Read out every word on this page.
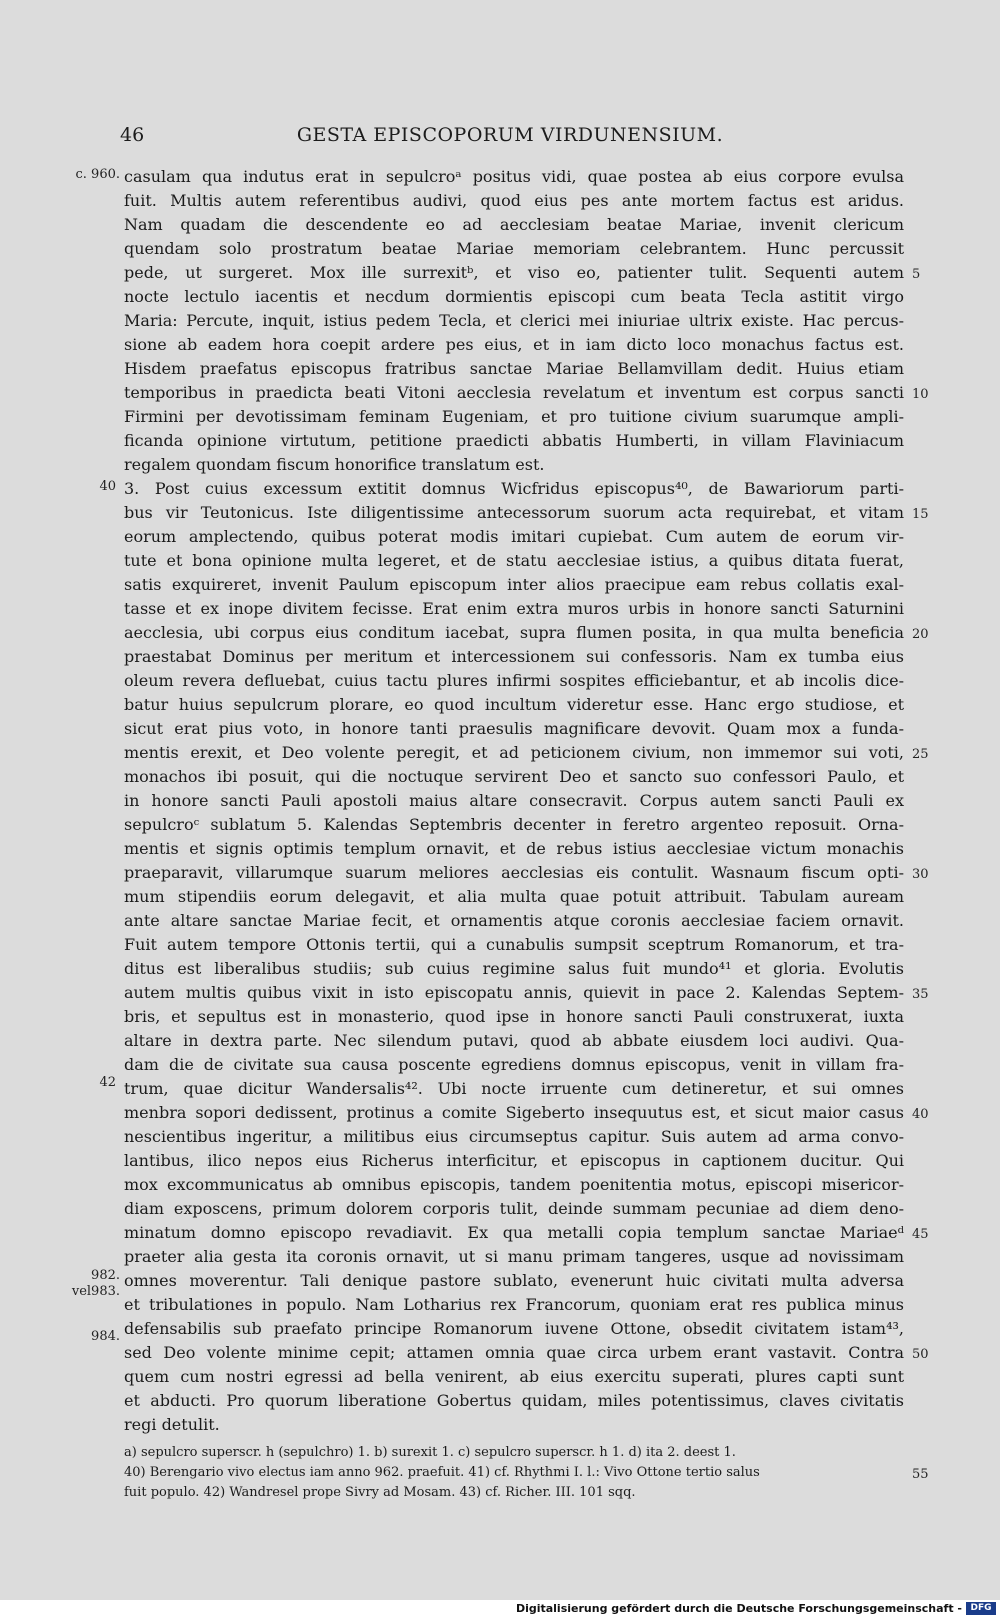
46	GESTA EPISCOPORUM VIRDUNENSIUM.
c. 960.
40
42
982.
vel983.
984.
5
10
15
20
25
30
35
40
45
50
55
casulam qua indutus erat in sepulcroᵃ positus vidi, quae postea ab eius corpore evulsa
fuit. Multis autem referentibus audivi, quod eius pes ante mortem factus est aridus.
Nam quadam die descendente eo ad aecclesiam beatae Mariae, invenit clericum
quendam solo prostratum beatae Mariae memoriam celebrantem. Hunc percussit
pede, ut surgeret. Mox ille surrexitᵇ, et viso eo, patienter tulit. Sequenti autem
nocte lectulo iacentis et necdum dormientis episcopi cum beata Tecla astitit virgo
Maria: Percute, inquit, istius pedem Tecla, et clerici mei iniuriae ultrix existe. Hac percus-
sione ab eadem hora coepit ardere pes eius, et in iam dicto loco monachus factus est.
Hisdem praefatus episcopus fratribus sanctae Mariae Bellamvillam dedit. Huius etiam
temporibus in praedicta beati Vitoni aecclesia revelatum et inventum est corpus sancti
Firmini per devotissimam feminam Eugeniam, et pro tuitione civium suarumque ampli-
ficanda opinione virtutum, petitione praedicti abbatis Humberti, in villam Flaviniacum
regalem quondam fiscum honorifice translatum est.
3. Post cuius excessum extitit domnus Wicfridus episcopus⁴⁰, de Bawariorum parti-
bus vir Teutonicus. Iste diligentissime antecessorum suorum acta requirebat, et vitam
eorum amplectendo, quibus poterat modis imitari cupiebat. Cum autem de eorum vir-
tute et bona opinione multa legeret, et de statu aecclesiae istius, a quibus ditata fuerat,
satis exquireret, invenit Paulum episcopum inter alios praecipue eam rebus collatis exal-
tasse et ex inope divitem fecisse. Erat enim extra muros urbis in honore sancti Saturnini
aecclesia, ubi corpus eius conditum iacebat, supra flumen posita, in qua multa beneficia
praestabat Dominus per meritum et intercessionem sui confessoris. Nam ex tumba eius
oleum revera defluebat, cuius tactu plures infirmi sospites efficiebantur, et ab incolis dice-
batur huius sepulcrum plorare, eo quod incultum videretur esse. Hanc ergo studiose, et
sicut erat pius voto, in honore tanti praesulis magnificare devovit. Quam mox a funda-
mentis erexit, et Deo volente peregit, et ad peticionem civium, non immemor sui voti,
monachos ibi posuit, qui die noctuque servirent Deo et sancto suo confessori Paulo, et
in honore sancti Pauli apostoli maius altare consecravit. Corpus autem sancti Pauli ex
sepulcroᶜ sublatum 5. Kalendas Septembris decenter in feretro argenteo reposuit. Orna-
mentis et signis optimis templum ornavit, et de rebus istius aecclesiae victum monachis
praeparavit, villarumque suarum meliores aecclesias eis contulit. Wasnaum fiscum opti-
mum stipendiis eorum delegavit, et alia multa quae potuit attribuit. Tabulam auream
ante altare sanctae Mariae fecit, et ornamentis atque coronis aecclesiae faciem ornavit.
Fuit autem tempore Ottonis tertii, qui a cunabulis sumpsit sceptrum Romanorum, et tra-
ditus est liberalibus studiis; sub cuius regimine salus fuit mundo⁴¹ et gloria. Evolutis
autem multis quibus vixit in isto episcopatu annis, quievit in pace 2. Kalendas Septem-
bris, et sepultus est in monasterio, quod ipse in honore sancti Pauli construxerat, iuxta
altare in dextra parte. Nec silendum putavi, quod ab abbate eiusdem loci audivi. Qua-
dam die de civitate sua causa poscente egrediens domnus episcopus, venit in villam fra-
trum, quae dicitur Wandersalis⁴². Ubi nocte irruente cum detineretur, et sui omnes
menbra sopori dedissent, protinus a comite Sigeberto insequutus est, et sicut maior casus
nescientibus ingeritur, a militibus eius circumseptus capitur. Suis autem ad arma convo-
lantibus, ilico nepos eius Richerus interficitur, et episcopus in captionem ducitur. Qui
mox excommunicatus ab omnibus episcopis, tandem poenitentia motus, episcopi misericor-
diam exposcens, primum dolorem corporis tulit, deinde summam pecuniae ad diem deno-
minatum domno episcopo revadiavit. Ex qua metalli copia templum sanctae Mariaeᵈ
praeter alia gesta ita coronis ornavit, ut si manu primam tangeres, usque ad novissimam
omnes moverentur. Tali denique pastore sublato, evenerunt huic civitati multa adversa
et tribulationes in populo. Nam Lotharius rex Francorum, quoniam erat res publica minus
defensabilis sub praefato principe Romanorum iuvene Ottone, obsedit civitatem istam⁴³,
sed Deo volente minime cepit; attamen omnia quae circa urbem erant vastavit. Contra
quem cum nostri egressi ad bella venirent, ab eius exercitu superati, plures capti sunt
et abducti. Pro quorum liberatione Gobertus quidam, miles potentissimus, claves civitatis
regi detulit.
a) sepulcro superscr. h (sepulchro) 1. b) surexit 1. c) sepulcro superscr. h 1. d) ita 2. deest 1.
40) Berengario vivo electus iam anno 962. praefuit. 41) cf. Rhythmi I. l.: Vivo Ottone tertio salus
fuit populo. 42) Wandresel prope Sivry ad Mosam. 43) cf. Richer. III. 101 sqq.
Digitalisierung gefördert durch die Deutsche Forschungsgemeinschaft - DFG
